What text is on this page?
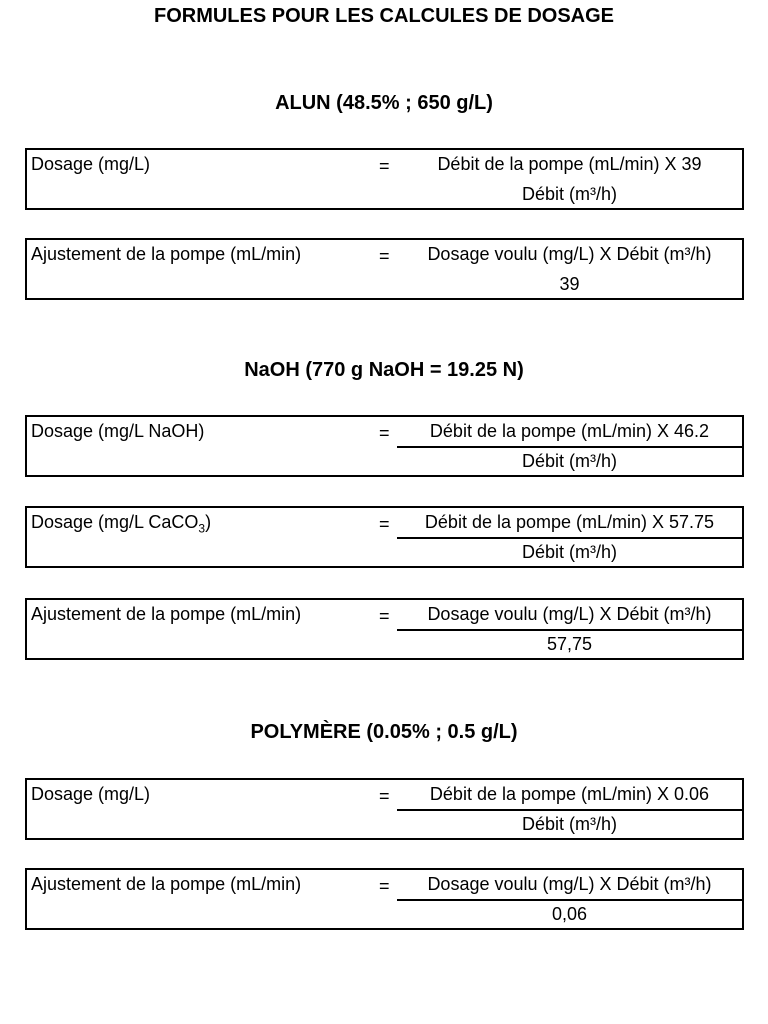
FORMULES POUR LES CALCULES DE DOSAGE
ALUN (48.5% ; 650 g/L)
Dosage (mg/L)	=	Débit de la pompe (mL/min) X 39
Débit (m³/h)
Ajustement de la pompe (mL/min)	=	Dosage voulu (mg/L) X Débit (m³/h)
39
NaOH (770 g NaOH = 19.25 N)
Dosage (mg/L NaOH)	=	Débit de la pompe (mL/min) X 46.2
Débit (m³/h)
Dosage (mg/L CaCO$_3$)	=	Débit de la pompe (mL/min) X 57.75
Débit (m³/h)
Ajustement de la pompe (mL/min)	=	Dosage voulu (mg/L) X Débit (m³/h)
57,75
POLYMÈRE (0.05% ; 0.5 g/L)
Dosage (mg/L)	=	Débit de la pompe (mL/min) X 0.06
Débit (m³/h)
Ajustement de la pompe (mL/min)	=	Dosage voulu (mg/L) X Débit (m³/h)
0,06
